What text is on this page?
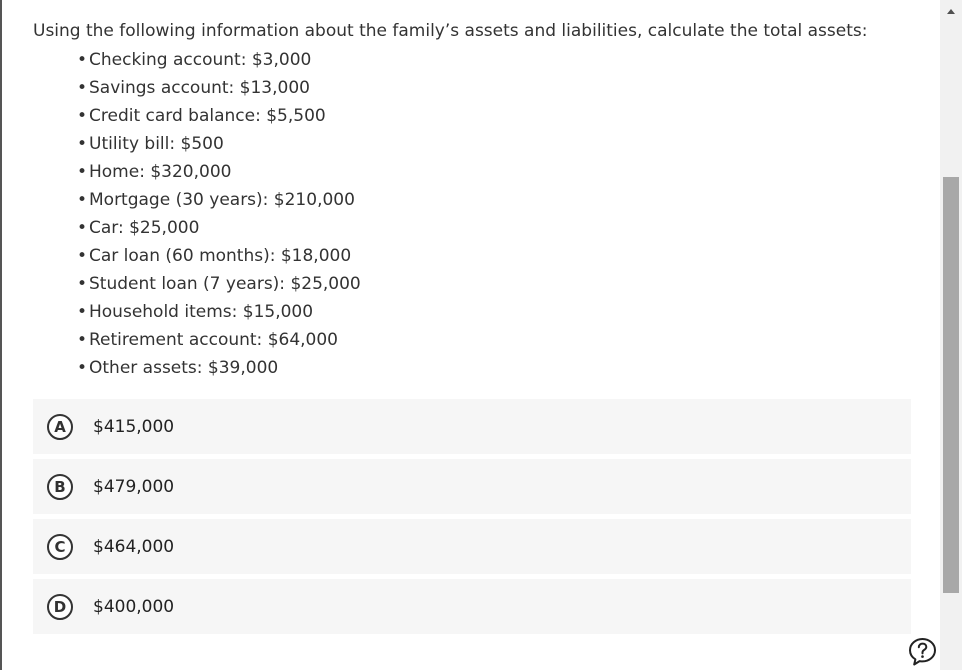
Using the following information about the family’s assets and liabilities, calculate the total assets:

• Checking account: $3,000
• Savings account: $13,000
• Credit card balance: $5,500
• Utility bill: $500
• Home: $320,000
• Mortgage (30 years): $210,000
• Car: $25,000
• Car loan (60 months): $18,000
• Student loan (7 years): $25,000
• Household items: $15,000
• Retirement account: $64,000
• Other assets: $39,000
A	$415,000
B	$479,000
C	$464,000
D	$400,000
